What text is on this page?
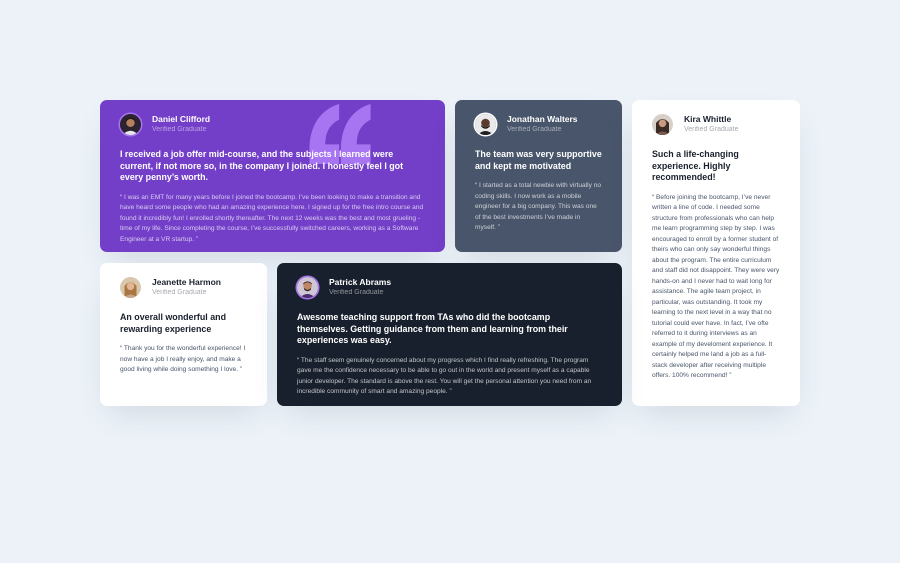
Daniel Clifford
Verified Graduate

I received a job offer mid-course, and the subjects I learned were current, if not more so, in the company I joined. I honestly feel I got every penny’s worth.

“ I was an EMT for many years before I joined the bootcamp. I’ve been looking to make a transition and have heard some people who had an amazing experience here. I signed up for the free intro course and found it incredibly fun! I enrolled shortly thereafter. The next 12 weeks was the best and most grueling - time of my life. Since completing the course, I’ve successfully switched careers, working as a Software Engineer at a VR startup. ”

Jonathan Walters
Verified Graduate

The team was very supportive and kept me motivated

“ I started as a total newbie with virtually no coding skills. I now work as a mobile engineer for a big company. This was one of the best investments I’ve made in myself. ”

Kira Whittle
Verified Graduate

Such a life-changing experience. Highly recommended!

“ Before joining the bootcamp, I’ve never written a line of code. I needed some structure from professionals who can help me learn programming step by step. I was encouraged to enroll by a former student of theirs who can only say wonderful things about the program. The entire curriculum and staff did not disappoint. They were very hands-on and I never had to wait long for assistance. The agile team project, in particular, was outstanding. It took my learning to the next level in a way that no tutorial could ever have. In fact, I’ve ofte referred to it during interviews as an example of my develoment experience. It certainly helped me land a job as a full-stack developer after receiving multiple offers. 100% recommend! ”

Jeanette Harmon
Verified Graduate

An overall wonderful and rewarding experience

“ Thank you for the wonderful experience! I now have a job I really enjoy, and make a good living while doing something I love. ”

Patrick Abrams
Verified Graduate

Awesome teaching support from TAs who did the bootcamp themselves. Getting guidance from them and learning from their experiences was easy.

“ The staff seem genuinely concerned about my progress which I find really refreshing. The program gave me the confidence necessary to be able to go out in the world and present myself as a capable junior developer. The standard is above the rest. You will get the personal attention you need from an incredible community of smart and amazing people. ”
